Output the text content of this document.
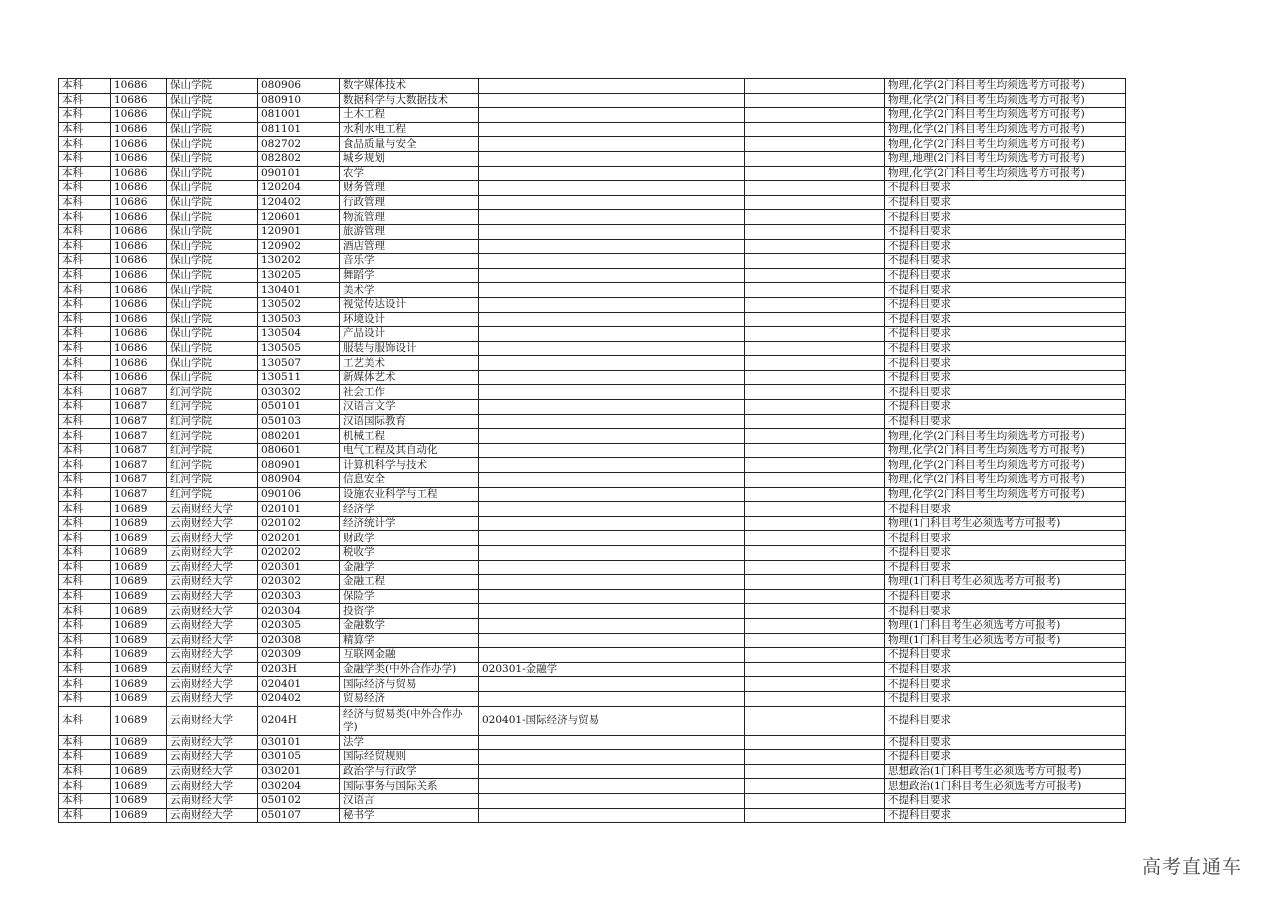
本科	10686	保山学院	080906	数字媒体技术			物理,化学(2门科目考生均须选考方可报考)
本科	10686	保山学院	080910	数据科学与大数据技术			物理,化学(2门科目考生均须选考方可报考)
本科	10686	保山学院	081001	土木工程			物理,化学(2门科目考生均须选考方可报考)
本科	10686	保山学院	081101	水利水电工程			物理,化学(2门科目考生均须选考方可报考)
本科	10686	保山学院	082702	食品质量与安全			物理,化学(2门科目考生均须选考方可报考)
本科	10686	保山学院	082802	城乡规划			物理,地理(2门科目考生均须选考方可报考)
本科	10686	保山学院	090101	农学			物理,化学(2门科目考生均须选考方可报考)
本科	10686	保山学院	120204	财务管理			不提科目要求
本科	10686	保山学院	120402	行政管理			不提科目要求
本科	10686	保山学院	120601	物流管理			不提科目要求
本科	10686	保山学院	120901	旅游管理			不提科目要求
本科	10686	保山学院	120902	酒店管理			不提科目要求
本科	10686	保山学院	130202	音乐学			不提科目要求
本科	10686	保山学院	130205	舞蹈学			不提科目要求
本科	10686	保山学院	130401	美术学			不提科目要求
本科	10686	保山学院	130502	视觉传达设计			不提科目要求
本科	10686	保山学院	130503	环境设计			不提科目要求
本科	10686	保山学院	130504	产品设计			不提科目要求
本科	10686	保山学院	130505	服装与服饰设计			不提科目要求
本科	10686	保山学院	130507	工艺美术			不提科目要求
本科	10686	保山学院	130511	新媒体艺术			不提科目要求
本科	10687	红河学院	030302	社会工作			不提科目要求
本科	10687	红河学院	050101	汉语言文学			不提科目要求
本科	10687	红河学院	050103	汉语国际教育			不提科目要求
本科	10687	红河学院	080201	机械工程			物理,化学(2门科目考生均须选考方可报考)
本科	10687	红河学院	080601	电气工程及其自动化			物理,化学(2门科目考生均须选考方可报考)
本科	10687	红河学院	080901	计算机科学与技术			物理,化学(2门科目考生均须选考方可报考)
本科	10687	红河学院	080904	信息安全			物理,化学(2门科目考生均须选考方可报考)
本科	10687	红河学院	090106	设施农业科学与工程			物理,化学(2门科目考生均须选考方可报考)
本科	10689	云南财经大学	020101	经济学			不提科目要求
本科	10689	云南财经大学	020102	经济统计学			物理(1门科目考生必须选考方可报考)
本科	10689	云南财经大学	020201	财政学			不提科目要求
本科	10689	云南财经大学	020202	税收学			不提科目要求
本科	10689	云南财经大学	020301	金融学			不提科目要求
本科	10689	云南财经大学	020302	金融工程			物理(1门科目考生必须选考方可报考)
本科	10689	云南财经大学	020303	保险学			不提科目要求
本科	10689	云南财经大学	020304	投资学			不提科目要求
本科	10689	云南财经大学	020305	金融数学			物理(1门科目考生必须选考方可报考)
本科	10689	云南财经大学	020308	精算学			物理(1门科目考生必须选考方可报考)
本科	10689	云南财经大学	020309	互联网金融			不提科目要求
本科	10689	云南财经大学	0203H	金融学类(中外合作办学)	020301-金融学		不提科目要求
本科	10689	云南财经大学	020401	国际经济与贸易			不提科目要求
本科	10689	云南财经大学	020402	贸易经济			不提科目要求
本科	10689	云南财经大学	0204H	经济与贸易类(中外合作办学)	020401-国际经济与贸易		不提科目要求
本科	10689	云南财经大学	030101	法学			不提科目要求
本科	10689	云南财经大学	030105	国际经贸规则			不提科目要求
本科	10689	云南财经大学	030201	政治学与行政学			思想政治(1门科目考生必须选考方可报考)
本科	10689	云南财经大学	030204	国际事务与国际关系			思想政治(1门科目考生必须选考方可报考)
本科	10689	云南财经大学	050102	汉语言			不提科目要求
本科	10689	云南财经大学	050107	秘书学			不提科目要求
高考直通车
